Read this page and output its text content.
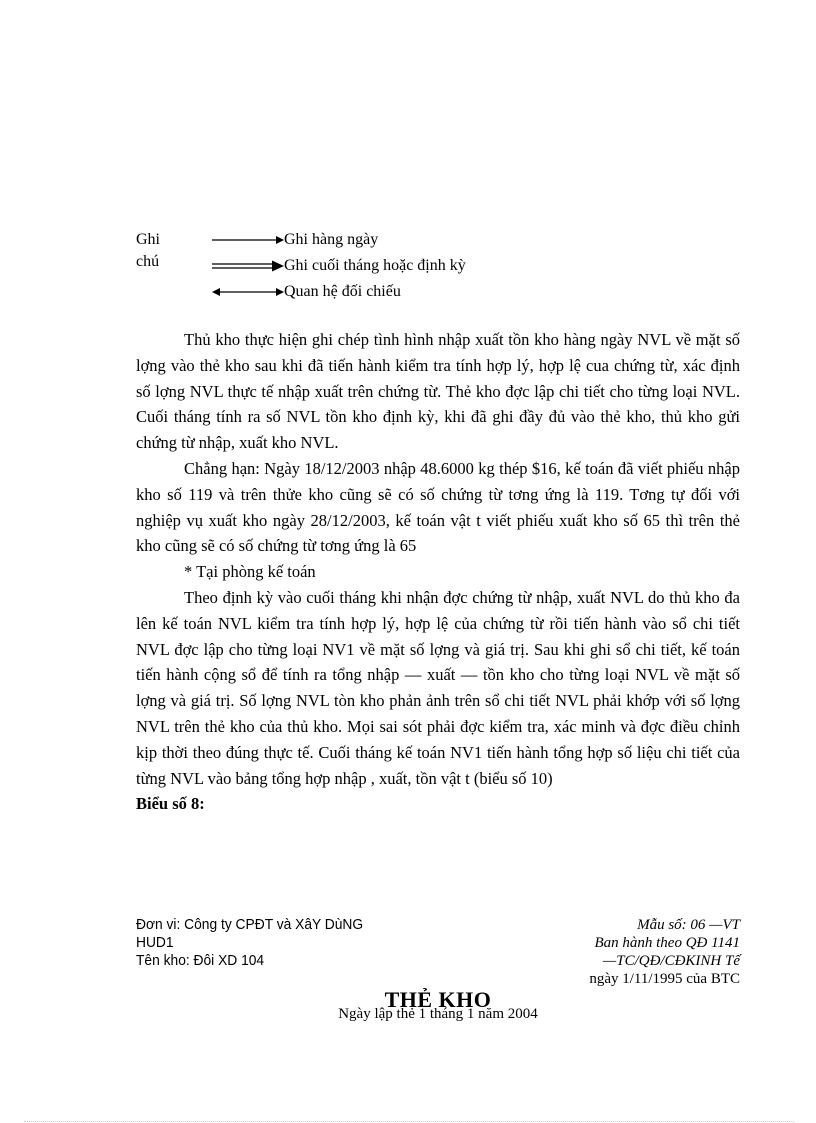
Ghi chú
Ghi hàng ngày
Ghi cuối tháng hoặc định kỳ
Quan hệ đối chiếu

Thủ kho thực hiện ghi chép tình hình nhập xuất tồn kho hàng ngày NVL về mặt số lợng vào thẻ kho sau khi đã tiến hành kiểm tra tính hợp lý, hợp lệ cua chứng từ, xác định số lợng NVL thực tế nhập xuất trên chứng từ. Thẻ kho đợc lập chi tiết cho từng loại NVL. Cuối tháng tính ra số NVL tồn kho định kỳ, khi đã ghi đầy đủ vào thẻ kho, thủ kho gửi chứng từ nhập, xuất kho NVL.

Chẳng hạn: Ngày 18/12/2003 nhập 48.6000 kg thép $16, kế toán đã viết phiếu nhập kho số 119 và trên thửe kho cũng sẽ có số chứng từ tơng ứng là 119. Tơng tự đối với nghiệp vụ xuất kho ngày 28/12/2003, kế toán vật t viết phiếu xuất kho số 65 thì trên thẻ kho cũng sẽ có số chứng từ tơng ứng là 65

* Tại phòng kế toán

Theo định kỳ vào cuối tháng khi nhận đợc chứng từ nhập, xuất NVL do thủ kho đa lên kế toán NVL kiểm tra tính hợp lý, hợp lệ của chứng từ rồi tiến hành vào sổ chi tiết NVL đợc lập cho từng loại NV1 về mặt số lợng và giá trị. Sau khi ghi sổ chi tiết, kế toán tiến hành cộng sổ để tính ra tổng nhập — xuất — tồn kho cho từng loại NVL về mặt số lợng và giá trị. Số lợng NVL tòn kho phản ảnh trên sổ chi tiết NVL phải khớp với số lợng NVL trên thẻ kho của thủ kho. Mọi sai sót phải đợc kiểm tra, xác minh và đợc điều chỉnh kịp thời theo đúng thực tế. Cuối tháng kế toán NV1 tiến hành tổng hợp số liệu chi tiết của từng NVL vào bảng tổng hợp nhập , xuất, tồn vật t (biểu số 10)

Biểu số 8:

Đơn vi: Công ty CPĐT và XâY DùNG
HUD1
Tên kho: Đôi XD 104
Mẫu số: 06 —VT
Ban hành theo QĐ 1141
—TC/QĐ/CĐKINH Tế
ngày 1/11/1995 của BTC
THẺ KHO
Ngày lập thẻ 1 tháng 1 năm 2004
